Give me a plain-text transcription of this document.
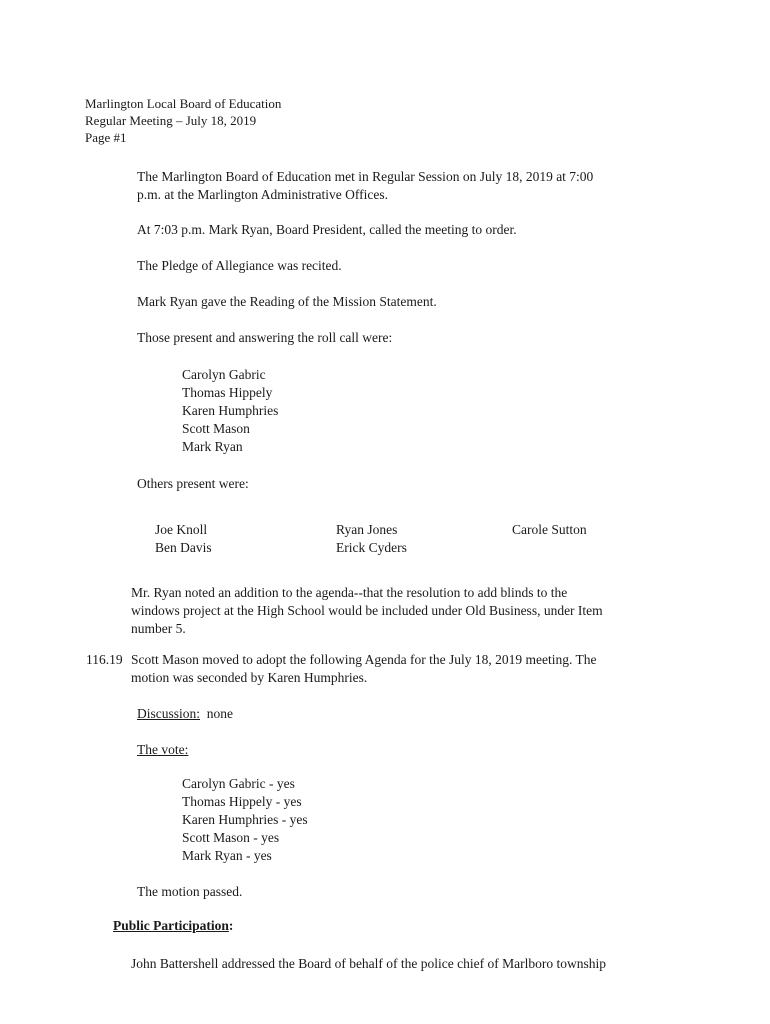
Marlington Local Board of Education
Regular Meeting – July 18, 2019
Page #1
The Marlington Board of Education met in Regular Session on July 18, 2019 at 7:00
p.m. at the Marlington Administrative Offices.
At 7:03 p.m. Mark Ryan, Board President, called the meeting to order.
The Pledge of Allegiance was recited.
Mark Ryan gave the Reading of the Mission Statement.
Those present and answering the roll call were:
Carolyn Gabric
Thomas Hippely
Karen Humphries
Scott Mason
Mark Ryan
Others present were:
Joe Knoll
Ben Davis
Ryan Jones
Erick Cyders
Carole Sutton
Mr. Ryan noted an addition to the agenda--that the resolution to add blinds to the
windows project at the High School would be included under Old Business, under Item
number 5.
116.19 Scott Mason moved to adopt the following Agenda for the July 18, 2019 meeting. The
motion was seconded by Karen Humphries.
Discussion: none
The vote:
Carolyn Gabric - yes
Thomas Hippely - yes
Karen Humphries - yes
Scott Mason - yes
Mark Ryan - yes
The motion passed.
Public Participation:
John Battershell addressed the Board of behalf of the police chief of Marlboro township
